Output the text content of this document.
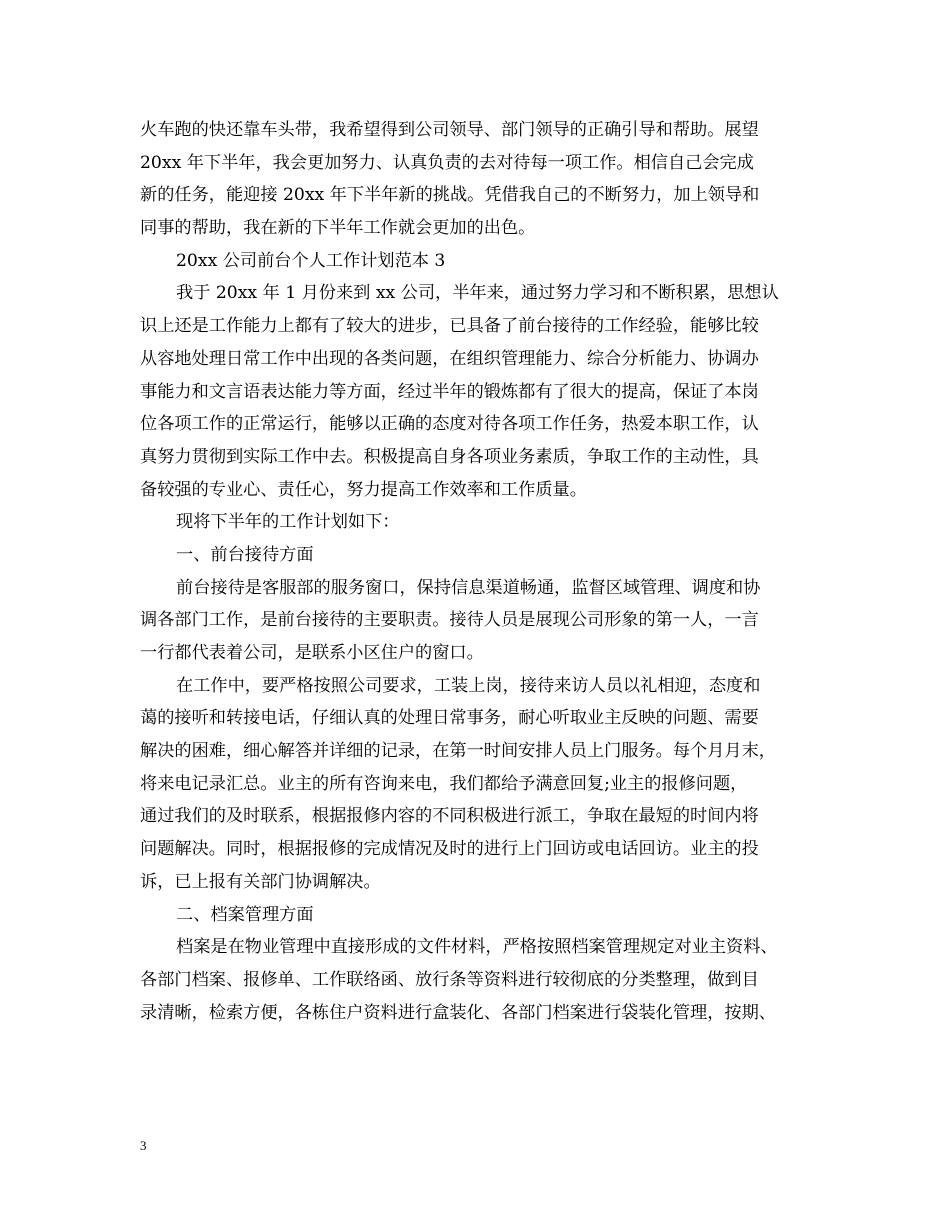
火车跑的快还靠车头带，我希望得到公司领导、部门领导的正确引导和帮助。展望
20xx 年下半年，我会更加努力、认真负责的去对待每一项工作。相信自己会完成
新的任务，能迎接 20xx 年下半年新的挑战。凭借我自己的不断努力，加上领导和
同事的帮助，我在新的下半年工作就会更加的出色。
20xx 公司前台个人工作计划范本 3
我于 20xx 年 1 月份来到 xx 公司，半年来，通过努力学习和不断积累，思想认
识上还是工作能力上都有了较大的进步，已具备了前台接待的工作经验，能够比较
从容地处理日常工作中出现的各类问题，在组织管理能力、综合分析能力、协调办
事能力和文言语表达能力等方面，经过半年的锻炼都有了很大的提高，保证了本岗
位各项工作的正常运行，能够以正确的态度对待各项工作任务，热爱本职工作，认
真努力贯彻到实际工作中去。积极提高自身各项业务素质，争取工作的主动性，具
备较强的专业心、责任心，努力提高工作效率和工作质量。
现将下半年的工作计划如下：
一、前台接待方面
前台接待是客服部的服务窗口，保持信息渠道畅通，监督区域管理、调度和协
调各部门工作，是前台接待的主要职责。接待人员是展现公司形象的第一人，一言
一行都代表着公司，是联系小区住户的窗口。
在工作中，要严格按照公司要求，工装上岗，接待来访人员以礼相迎，态度和
蔼的接听和转接电话，仔细认真的处理日常事务，耐心听取业主反映的问题、需要
解决的困难，细心解答并详细的记录，在第一时间安排人员上门服务。每个月月末，
将来电记录汇总。业主的所有咨询来电，我们都给予满意回复;业主的报修问题，
通过我们的及时联系，根据报修内容的不同积极进行派工，争取在最短的时间内将
问题解决。同时，根据报修的完成情况及时的进行上门回访或电话回访。业主的投
诉，已上报有关部门协调解决。
二、档案管理方面
档案是在物业管理中直接形成的文件材料，严格按照档案管理规定对业主资料、
各部门档案、报修单、工作联络函、放行条等资料进行较彻底的分类整理，做到目
录清晰，检索方便，各栋住户资料进行盒装化、各部门档案进行袋装化管理，按期、
3
